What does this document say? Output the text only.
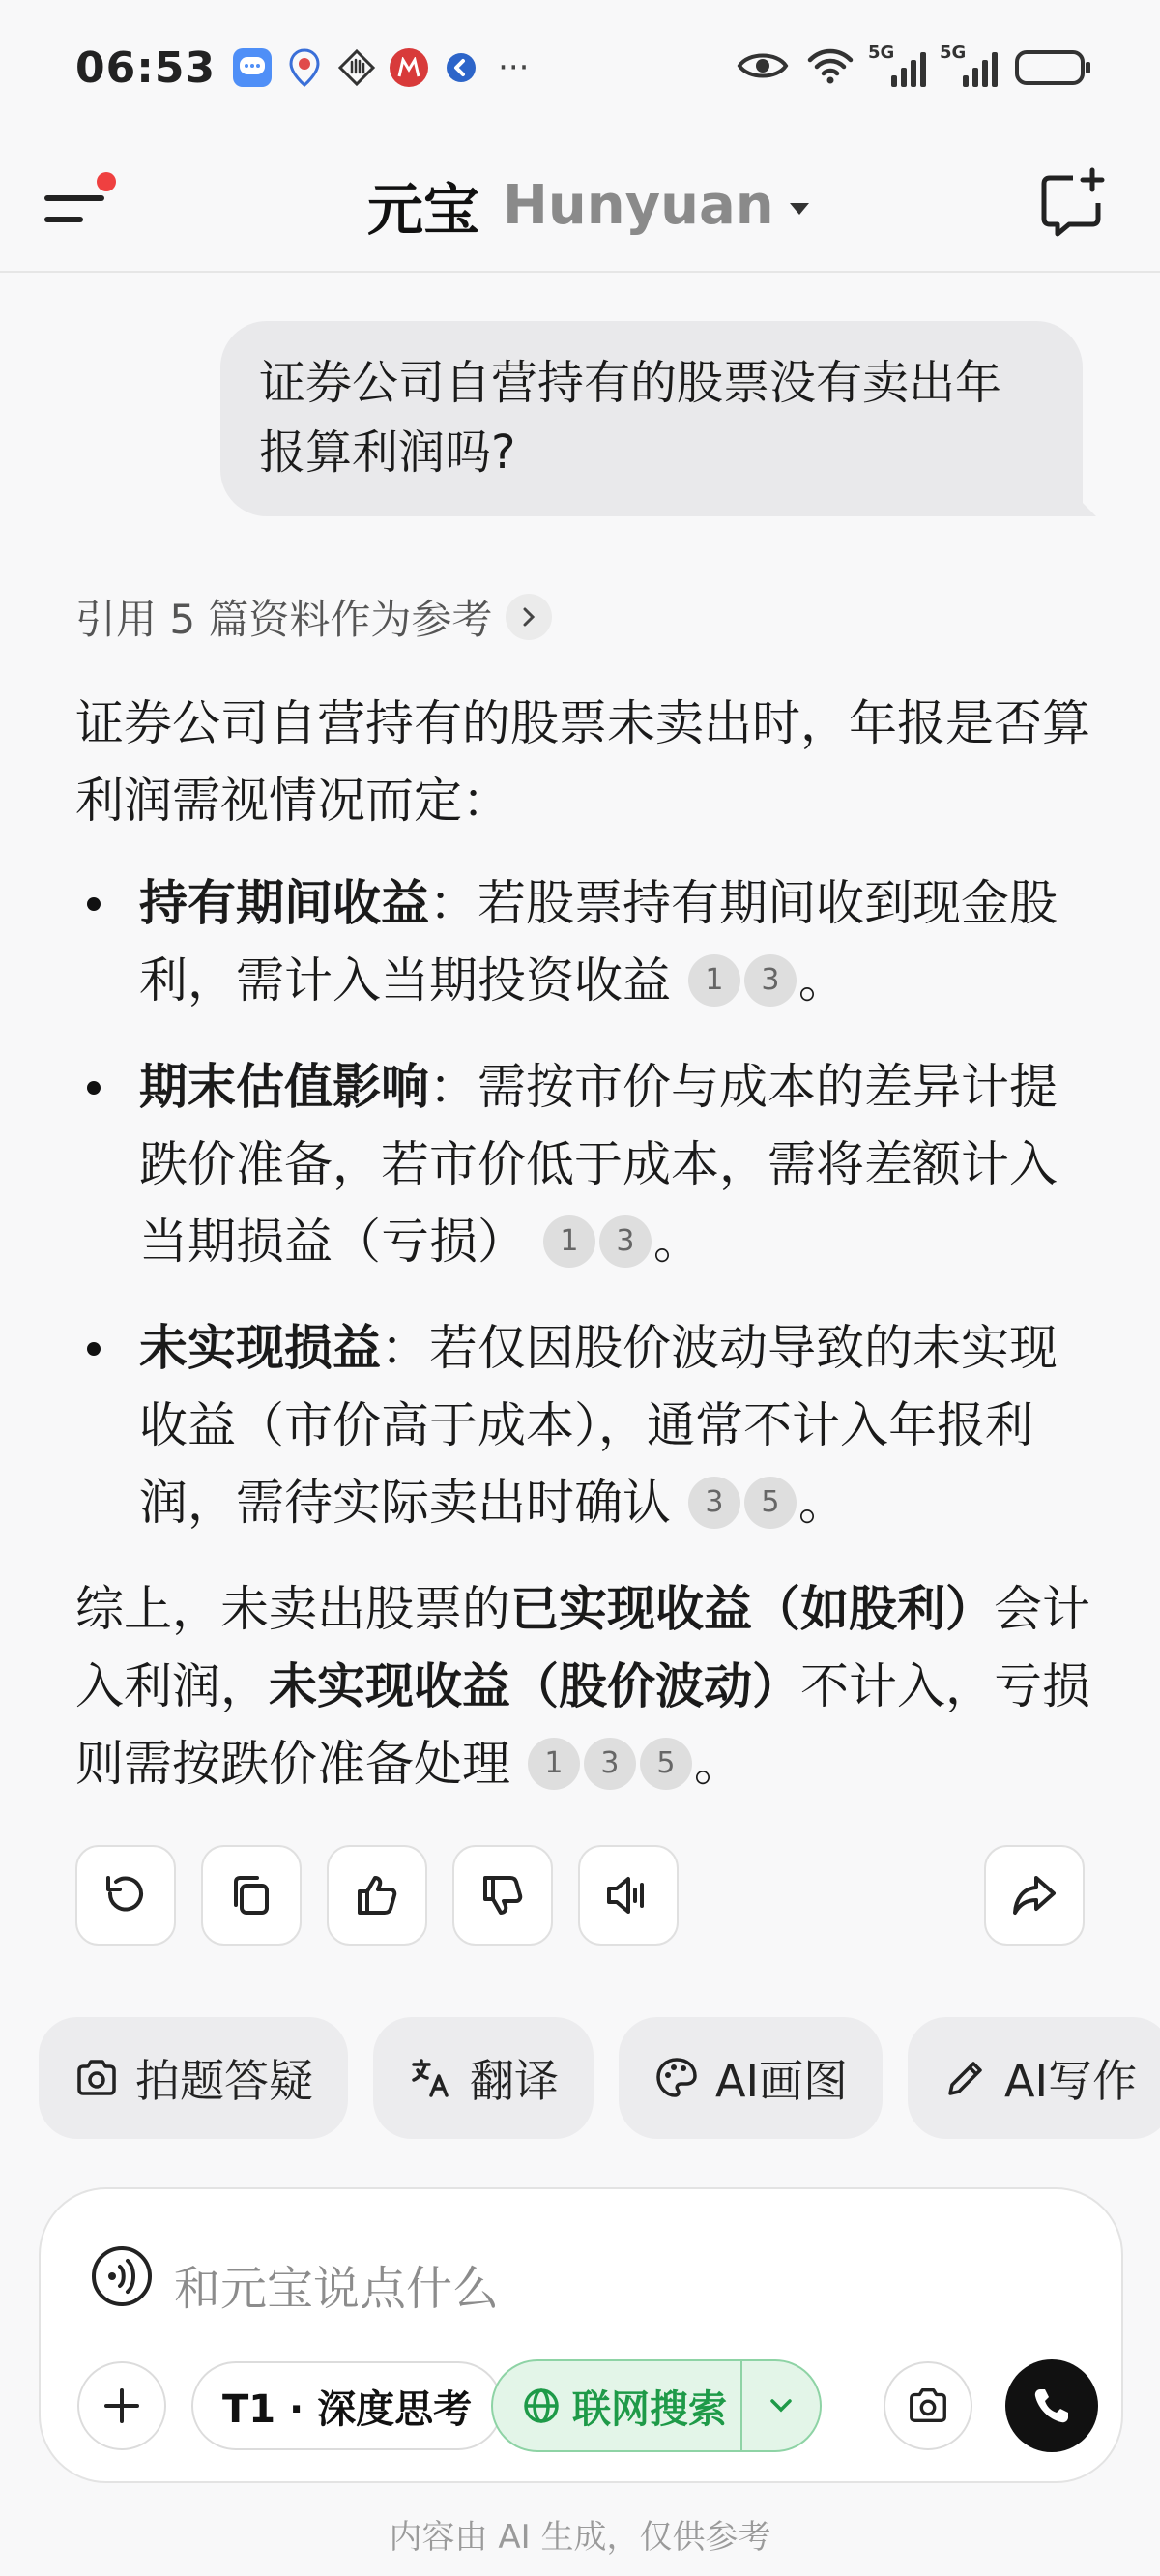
06:53	···	5G	5G
元宝 Hunyuan
证券公司自营持有的股票没有卖出年报算利润吗?
引用 5 篇资料作为参考

证券公司自营持有的股票未卖出时，年报是否算利润需视情况而定：

持有期间收益：若股票持有期间收到现金股利，需计入当期投资收益 1 3 。
期末估值影响：需按市价与成本的差异计提跌价准备，若市价低于成本，需将差额计入当期损益（亏损） 1 3 。
未实现损益：若仅因股价波动导致的未实现收益（市价高于成本），通常不计入年报利润，需待实际卖出时确认 3 5 。

综上，未卖出股票的已实现收益（如股利）会计入利润，未实现收益（股价波动）不计入，亏损则需按跌价准备处理 1 3 5 。

拍题答疑	翻译	AI画图	AI写作
和元宝说点什么
T1 · 深度思考	联网搜索
内容由 AI 生成，仅供参考
